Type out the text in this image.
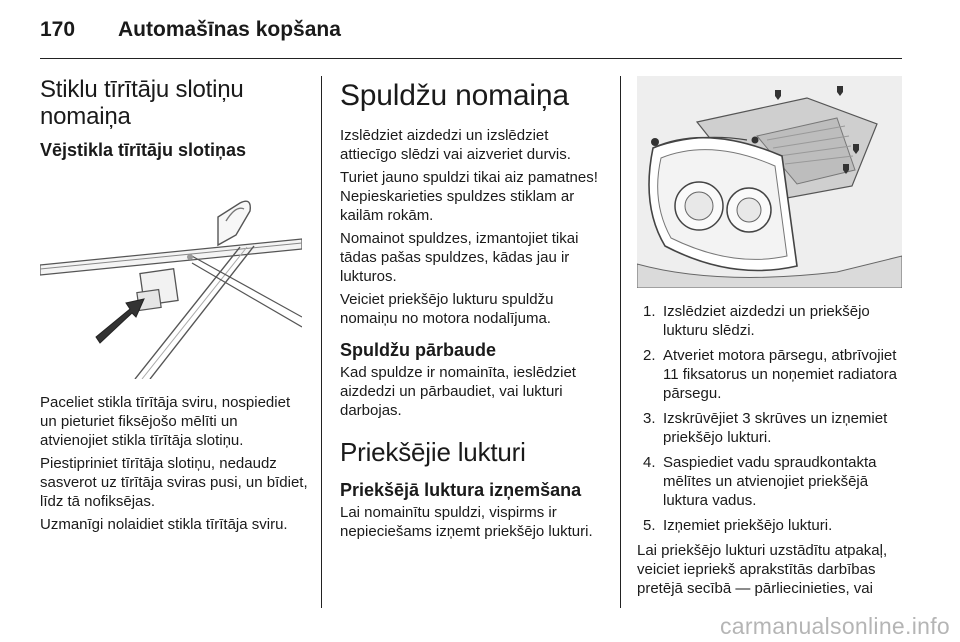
170 Automašīnas kopšana
Stiklu tīrītāju slotiņu nomaiņa
Vējstikla tīrītāju slotiņas

Paceliet stikla tīrītāja sviru, nospiediet un pieturiet fiksējošo mēlīti un atvienojiet stikla tīrītāja slotiņu.

Piestipriniet tīrītāja slotiņu, nedaudz sasverot uz tīrītāja sviras pusi, un bīdiet, līdz tā nofiksējas.

Uzmanīgi nolaidiet stikla tīrītāja sviru.

Spuldžu nomaiņa

Izslēdziet aizdedzi un izslēdziet attiecīgo slēdzi vai aizveriet durvis.

Turiet jauno spuldzi tikai aiz pamatnes! Nepieskarieties spuldzes stiklam ar kailām rokām.

Nomainot spuldzes, izmantojiet tikai tādas pašas spuldzes, kādas jau ir lukturos.

Veiciet priekšējo lukturu spuldžu nomaiņu no motora nodalījuma.

Spuldžu pārbaude

Kad spuldze ir nomainīta, ieslēdziet aizdedzi un pārbaudiet, vai lukturi darbojas.

Priekšējie lukturi
Priekšējā luktura izņemšana

Lai nomainītu spuldzi, vispirms ir nepieciešams izņemt priekšējo lukturi.

1. Izslēdziet aizdedzi un priekšējo lukturu slēdzi.
2. Atveriet motora pārsegu, atbrīvojiet 11 fiksatorus un noņemiet radiatora pārsegu.
3. Izskrūvējiet 3 skrūves un izņemiet priekšējo lukturi.
4. Saspiediet vadu spraudkontakta mēlītes un atvienojiet priekšējā luktura vadus.
5. Izņemiet priekšējo lukturi.

Lai priekšējo lukturi uzstādītu atpakaļ, veiciet iepriekš aprakstītās darbības pretējā secībā — pārliecinieties, vai

carmanualsonline.info
